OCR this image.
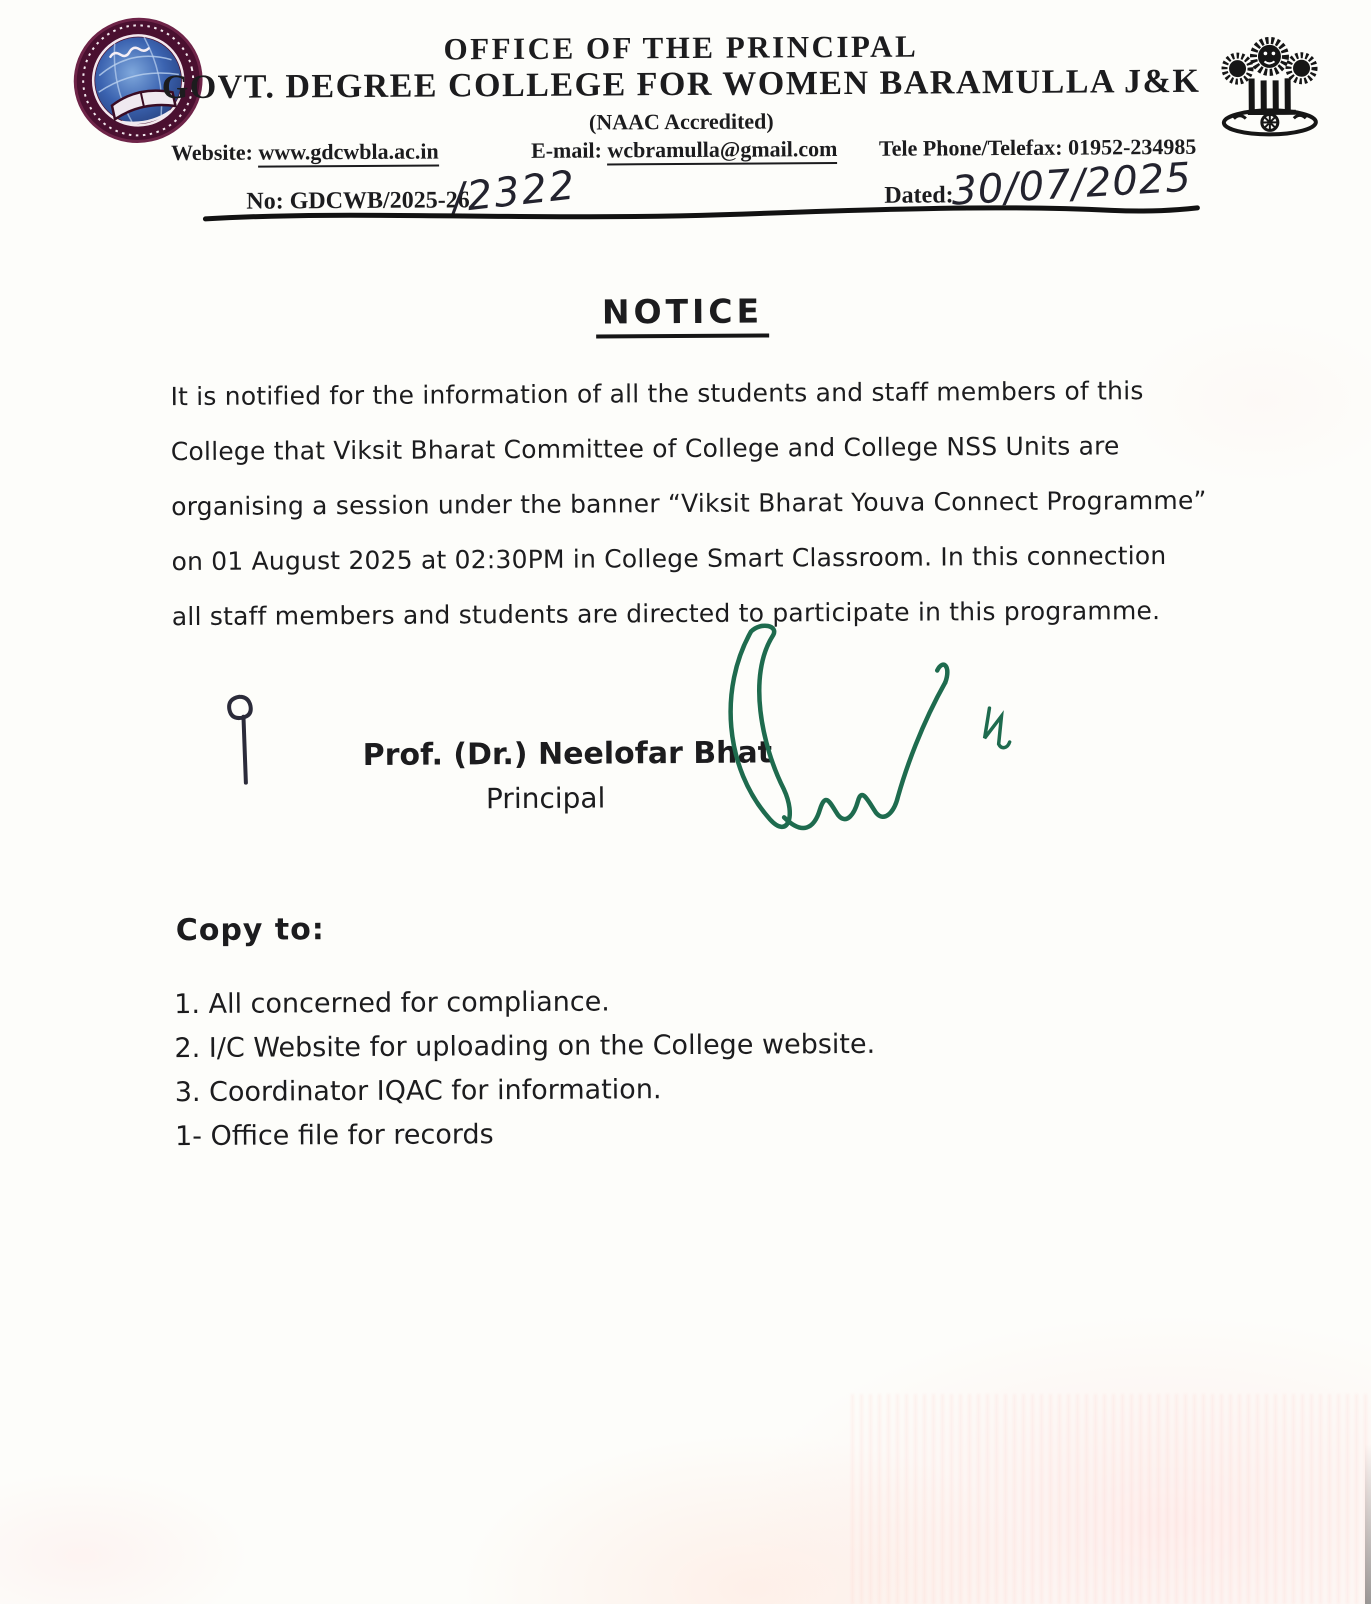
OFFICE OF THE PRINCIPAL
GOVT. DEGREE COLLEGE FOR WOMEN BARAMULLA J&K
(NAAC Accredited)
Website: www.gdcwbla.ac.in	E-mail: wcbramulla@gmail.com Tele Phone/Telefax: 01952-234985
No: GDCWB/2025-26
/2322	Dated:
30/07/2025
NOTICE
It is notified for the information of all the students and staff members of this
College that Viksit Bharat Committee of College and College NSS Units are
organising a session under the banner “Viksit Bharat Youva Connect Programme”
on 01 August 2025 at 02:30PM in College Smart Classroom. In this connection
all staff members and students are directed to participate in this programme.
Prof. (Dr.) Neelofar Bhat
Principal
Copy to:
1. All concerned for compliance.
2. I/C Website for uploading on the College website.
3. Coordinator IQAC for information.
1- Office file for records
